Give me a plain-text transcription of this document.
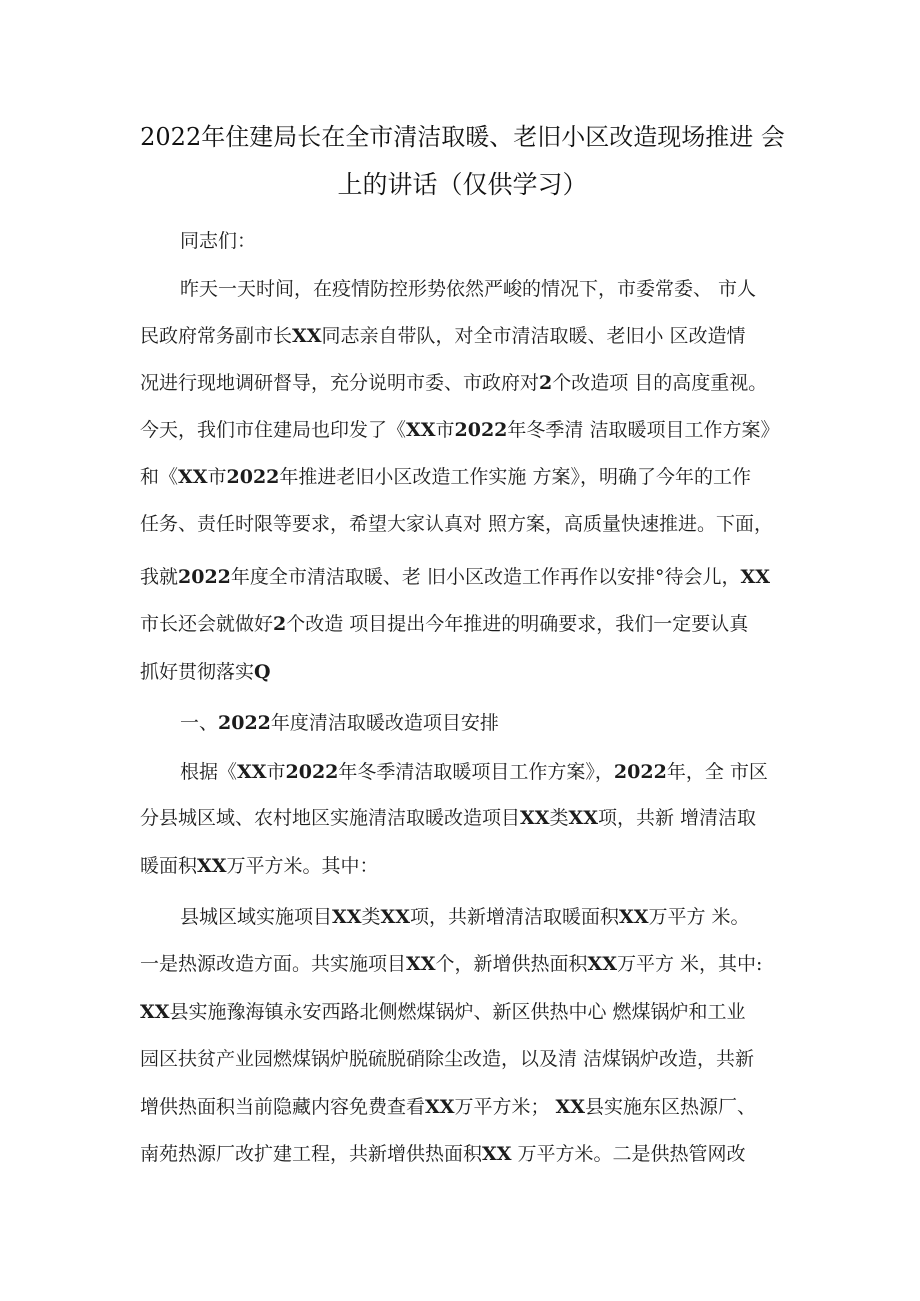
2022年住建局长在全市清洁取暖、老旧小区改造现场推进 会
上的讲话（仅供学习）
同志们：
昨天一天时间，在疫情防控形势依然严峻的情况下，市委常委、 市人
民政府常务副市长XX同志亲自带队，对全市清洁取暖、老旧小 区改造情
况进行现地调研督导，充分说明市委、市政府对2个改造项 目的高度重视。
今天，我们市住建局也印发了《XX市2022年冬季清 洁取暖项目工作方案》
和《XX市2022年推进老旧小区改造工作实施 方案》，明确了今年的工作
任务、责任时限等要求，希望大家认真对 照方案，高质量快速推进。下面，
我就2022年度全市清洁取暖、老 旧小区改造工作再作以安排°待会儿，XX
市长还会就做好2个改造 项目提出今年推进的明确要求，我们一定要认真
抓好贯彻落实Q
一、2022年度清洁取暖改造项目安排
根据《XX市2022年冬季清洁取暖项目工作方案》，2022年，全 市区
分县城区域、农村地区实施清洁取暖改造项目XX类XX项，共新 增清洁取
暖面积XX万平方米。其中：
县城区域实施项目XX类XX项，共新增清洁取暖面积XX万平方 米。
一是热源改造方面。共实施项目XX个，新增供热面积XX万平方 米，其中:
XX县实施豫海镇永安西路北侧燃煤锅炉、新区供热中心 燃煤锅炉和工业
园区扶贫产业园燃煤锅炉脱硫脱硝除尘改造，以及清 洁煤锅炉改造，共新
增供热面积当前隐藏内容免费查看XX万平方米； XX县实施东区热源厂、
南苑热源厂改扩建工程，共新增供热面积XX 万平方米。二是供热管网改
